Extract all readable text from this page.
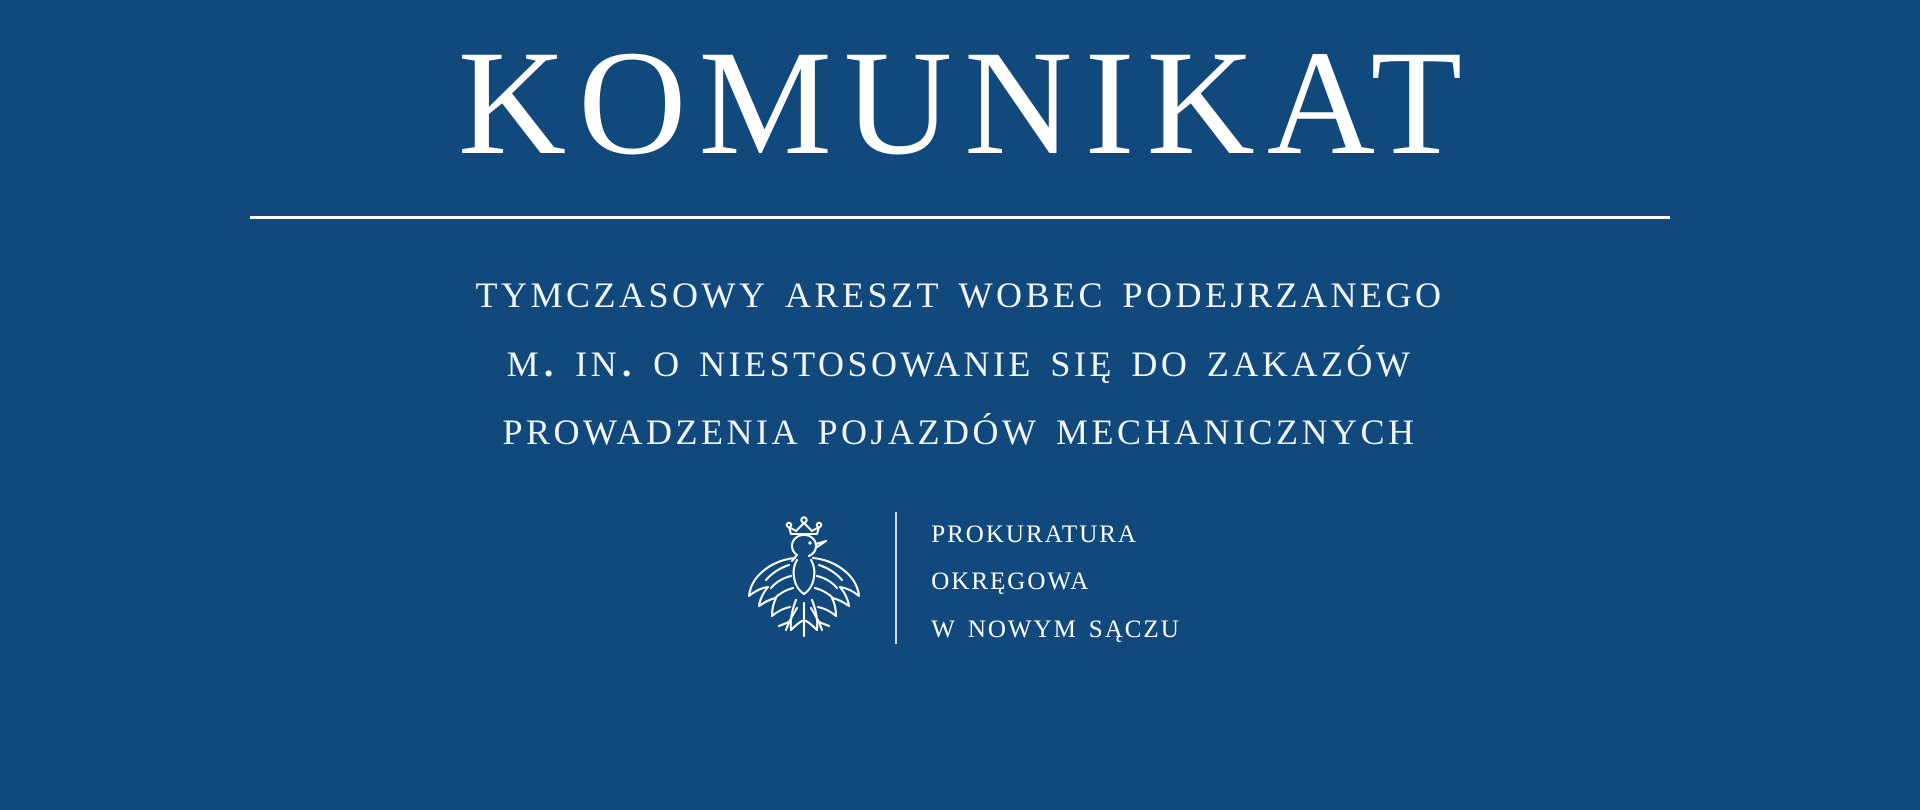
KOMUNIKAT
tymczasowy areszt wobec podejrzanego
m. in. o niestosowanie się do zakazów
prowadzenia pojazdów mechanicznych
prokuratura
okręgowa
w nowym sączu
